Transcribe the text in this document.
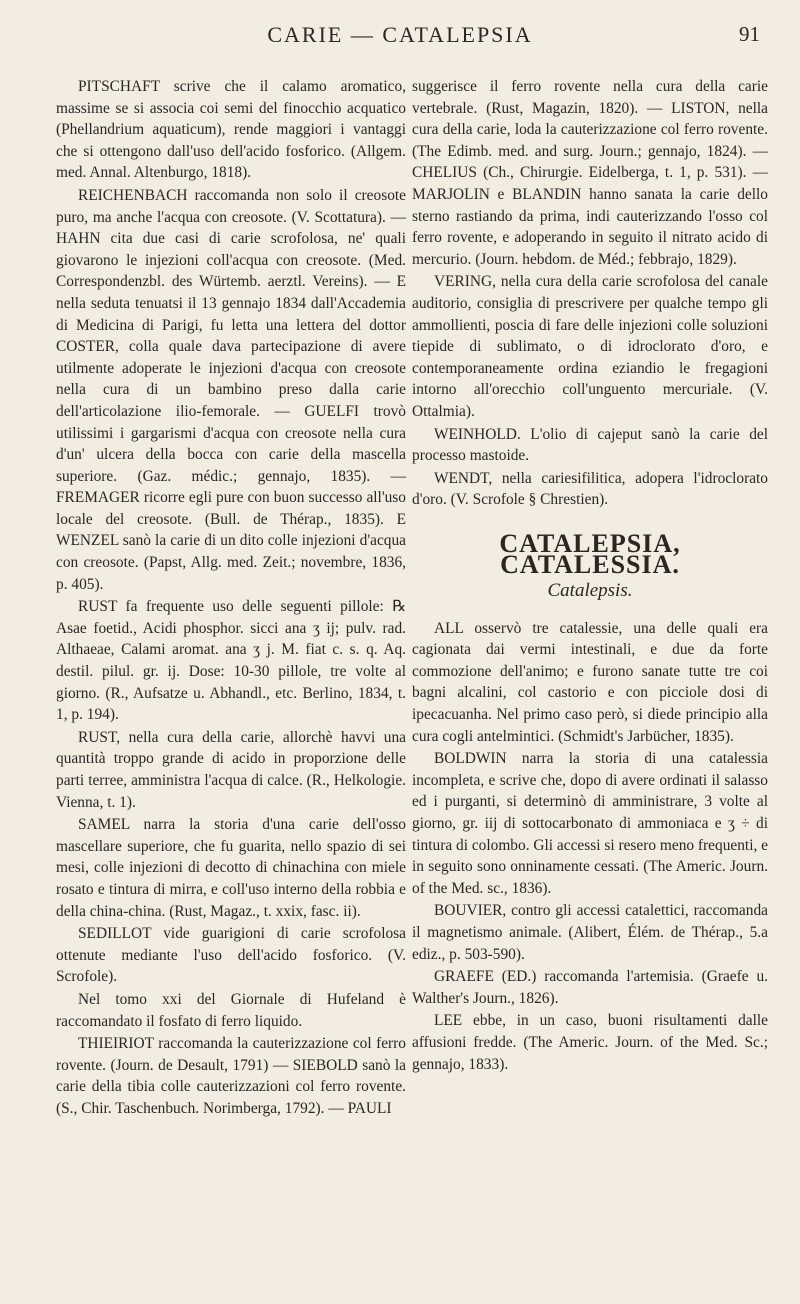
CARIE — CATALEPSIA	91

PITSCHAFT scrive che il calamo aromatico, massime se si associa coi semi del finocchio acquatico (Phellandrium aquaticum), rende maggiori i vantaggi che si ottengono dall'uso dell'acido fosforico. (Allgem. med. Annal. Altenburgo, 1818).

REICHENBACH raccomanda non solo il creosote puro, ma anche l'acqua con creosote. (V. Scottatura). — HAHN cita due casi di carie scrofolosa, ne' quali giovarono le injezioni coll'acqua con creosote. (Med. Correspondenzbl. des Würtemb. aerztl. Vereins). — E nella seduta tenuatsi il 13 gennajo 1834 dall'Accademia di Medicina di Parigi, fu letta una lettera del dottor COSTER, colla quale dava partecipazione di avere utilmente adoperate le injezioni d'acqua con creosote nella cura di un bambino preso dalla carie dell'articolazione ilio-femorale. — GUELFI trovò utilissimi i gargarismi d'acqua con creosote nella cura d'un' ulcera della bocca con carie della mascella superiore. (Gaz. médic.; gennajo, 1835). — FREMAGER ricorre egli pure con buon successo all'uso locale del creosote. (Bull. de Thérap., 1835). E WENZEL sanò la carie di un dito colle injezioni d'acqua con creosote. (Papst, Allg. med. Zeit.; novembre, 1836, p. 405).

RUST fa frequente uso delle seguenti pillole: ℞ Asae foetid., Acidi phosphor. sicci ana ʒ ij; pulv. rad. Althaeae, Calami aromat. ana ʒ j. M. fiat c. s. q. Aq. destil. pilul. gr. ij. Dose: 10-30 pillole, tre volte al giorno. (R., Aufsatze u. Abhandl., etc. Berlino, 1834, t. 1, p. 194).

RUST, nella cura della carie, allorchè havvi una quantità troppo grande di acido in proporzione delle parti terree, amministra l'acqua di calce. (R., Helkologie. Vienna, t. 1).

SAMEL narra la storia d'una carie dell'osso mascellare superiore, che fu guarita, nello spazio di sei mesi, colle injezioni di decotto di chinachina con miele rosato e tintura di mirra, e coll'uso interno della robbia e della china-china. (Rust, Magaz., t. xxix, fasc. ii).

SEDILLOT vide guarigioni di carie scrofolosa ottenute mediante l'uso dell'acido fosforico. (V. Scrofole).

Nel tomo xxi del Giornale di Hufeland è raccomandato il fosfato di ferro liquido.

THIEIRIOT raccomanda la cauterizzazione col ferro rovente. (Journ. de Desault, 1791) — SIEBOLD sanò la carie della tibia colle cauterizzazioni col ferro rovente. (S., Chir. Taschenbuch. Norimberga, 1792). — PAULI

suggerisce il ferro rovente nella cura della carie vertebrale. (Rust, Magazin, 1820). — LISTON, nella cura della carie, loda la cauterizzazione col ferro rovente. (The Edimb. med. and surg. Journ.; gennajo, 1824). — CHELIUS (Ch., Chirurgie. Eidelberga, t. 1, p. 531). — MARJOLIN e BLANDIN hanno sanata la carie dello sterno rastiando da prima, indi cauterizzando l'osso col ferro rovente, e adoperando in seguito il nitrato acido di mercurio. (Journ. hebdom. de Méd.; febbrajo, 1829).

VERING, nella cura della carie scrofolosa del canale auditorio, consiglia di prescrivere per qualche tempo gli ammollienti, poscia di fare delle injezioni colle soluzioni tiepide di sublimato, o di idroclorato d'oro, e contemporaneamente ordina eziandio le fregagioni intorno all'orecchio coll'unguento mercuriale. (V. Ottalmia).

WEINHOLD. L'olio di cajeput sanò la carie del processo mastoide.

WENDT, nella cariesifilitica, adopera l'idroclorato d'oro. (V. Scrofole § Chrestien).

CATALEPSIA, CATALESSIA.
Catalepsis.

ALL osservò tre catalessie, una delle quali era cagionata dai vermi intestinali, e due da forte commozione dell'animo; e furono sanate tutte tre coi bagni alcalini, col castorio e con picciole dosi di ipecacuanha. Nel primo caso però, si diede principio alla cura cogli antelmintici. (Schmidt's Jarbücher, 1835).

BOLDWIN narra la storia di una catalessia incompleta, e scrive che, dopo di avere ordinati il salasso ed i purganti, si determinò di amministrare, 3 volte al giorno, gr. iij di sottocarbonato di ammoniaca e ʒ ÷ di tintura di colombo. Gli accessi si resero meno frequenti, e in seguito sono onninamente cessati. (The Americ. Journ. of the Med. sc., 1836).

BOUVIER, contro gli accessi catalettici, raccomanda il magnetismo animale. (Alibert, Élém. de Thérap., 5.a ediz., p. 503-590).

GRAEFE (ED.) raccomanda l'artemisia. (Graefe u. Walther's Journ., 1826).

LEE ebbe, in un caso, buoni risultamenti dalle affusioni fredde. (The Americ. Journ. of the Med. Sc.; gennajo, 1833).
